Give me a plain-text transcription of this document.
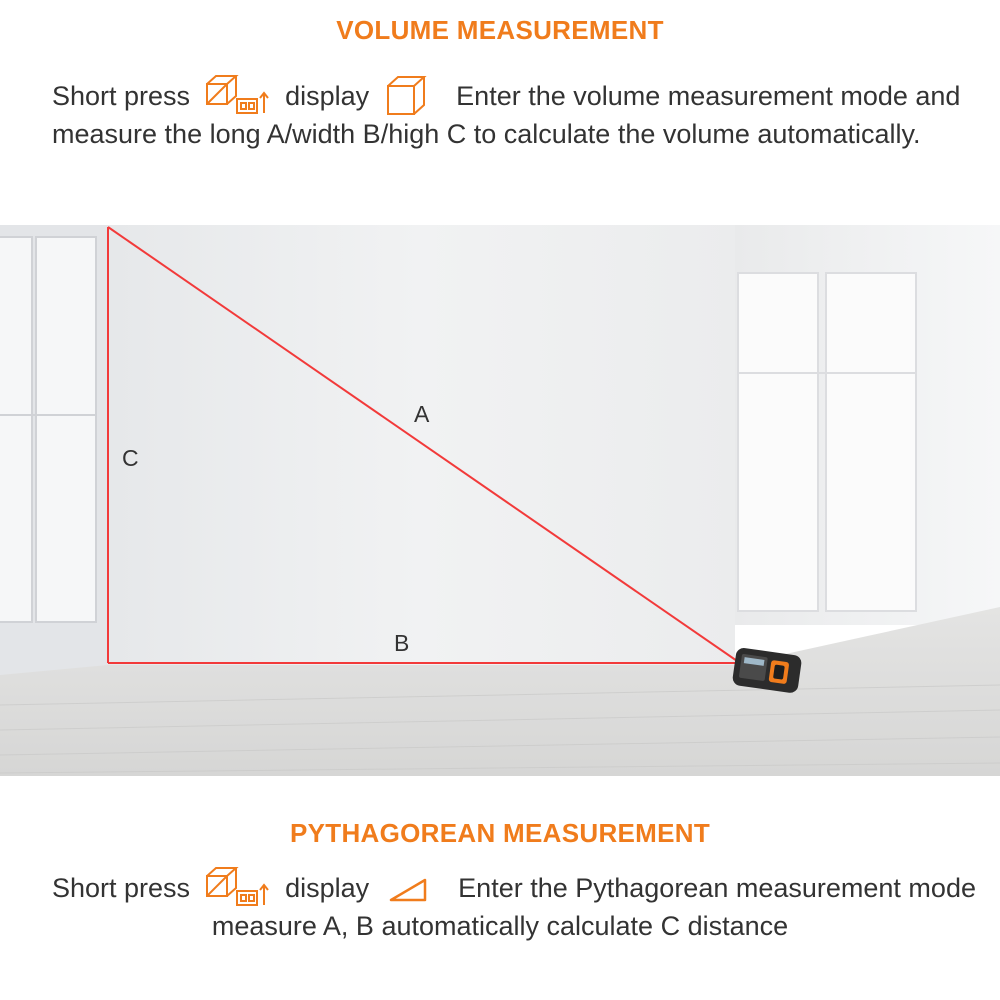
VOLUME MEASUREMENT
Short press	display	Enter the volume measurement mode and
measure the long A/width B/high C to calculate the volume automatically.
A
B
C
PYTHAGOREAN MEASUREMENT
Short press	display	Enter the Pythagorean measurement mode
measure A, B automatically calculate C distance
